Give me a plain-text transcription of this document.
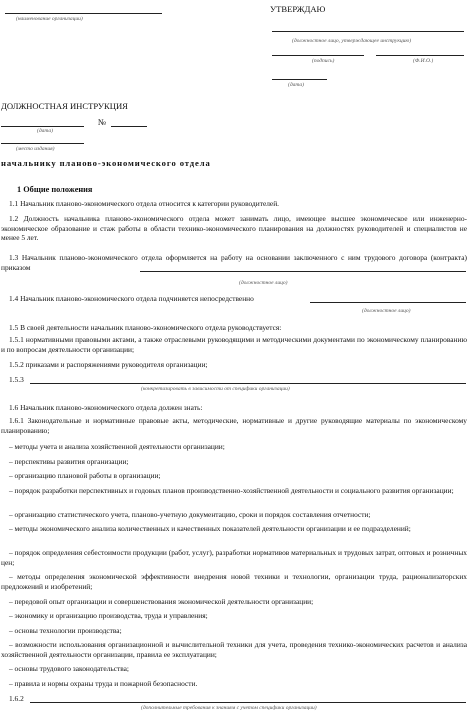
(наименование организации)
УТВЕРЖДАЮ
(должностное лицо, утверждающее инструкцию)
(подпись)	(Ф.И.О.)
(дата)
ДОЛЖНОСТНАЯ ИНСТРУКЦИЯ
№
(дата)
(место издания)
начальнику планово-экономического отдела
1 Общие положения
1.1 Начальник планово-экономического отдела относится к категории руководителей.
1.2 Должность начальника планово-экономического отдела может занимать лицо, имеющее высшее экономическое или инженерно-экономическое образование и стаж работы в области технико-экономического планирования на должностях руководителей и специалистов не менее 5 лет.
1.3 Начальник планово-экономического отдела оформляется на работу на основании заключенного с ним трудового договора (контракта) приказом
(должностное лицо)
1.4 Начальник планово-экономического отдела подчиняется непосредственно
(должностное лицо)
1.5 В своей деятельности начальник планово-экономического отдела руководствуется:
1.5.1 нормативными правовыми актами, а также отраслевыми руководящими и методическими документами по экономическому планированию и по вопросам деятельности организации;
1.5.2 приказами и распоряжениями руководителя организации;
1.5.3
(конкретизировать в зависимости от специфики организации)
1.6 Начальник планово-экономического отдела должен знать:
1.6.1 Законодательные и нормативные правовые акты, методические, нормативные и другие руководящие материалы по экономическому планированию;
– методы учета и анализа хозяйственной деятельности организации;
– перспективы развития организации;
– организацию плановой работы в организации;
– порядок разработки перспективных и годовых планов производственно-хозяйственной деятельности и социального развития организации;
– организацию статистического учета, планово-учетную документацию, сроки и порядок составления отчетности;
– методы экономического анализа количественных и качественных показателей деятельности организации и ее подразделений;
– порядок определения себестоимости продукции (работ, услуг), разработки нормативов материальных и трудовых затрат, оптовых и розничных цен;
– методы определения экономической эффективности внедрения новой техники и технологии, организации труда, рационализаторских предложений и изобретений;
– передовой опыт организации и совершенствования экономической деятельности организации;
– экономику и организацию производства, труда и управления;
– основы технологии производства;
– возможности использования организационной и вычислительной техники для учета, проведения технико-экономических расчетов и анализа хозяйственной деятельности организации, правила ее эксплуатации;
– основы трудового законодательства;
– правила и нормы охраны труда и пожарной безопасности.
1.6.2
(дополнительные требования к знаниям с учетом специфики организации)
